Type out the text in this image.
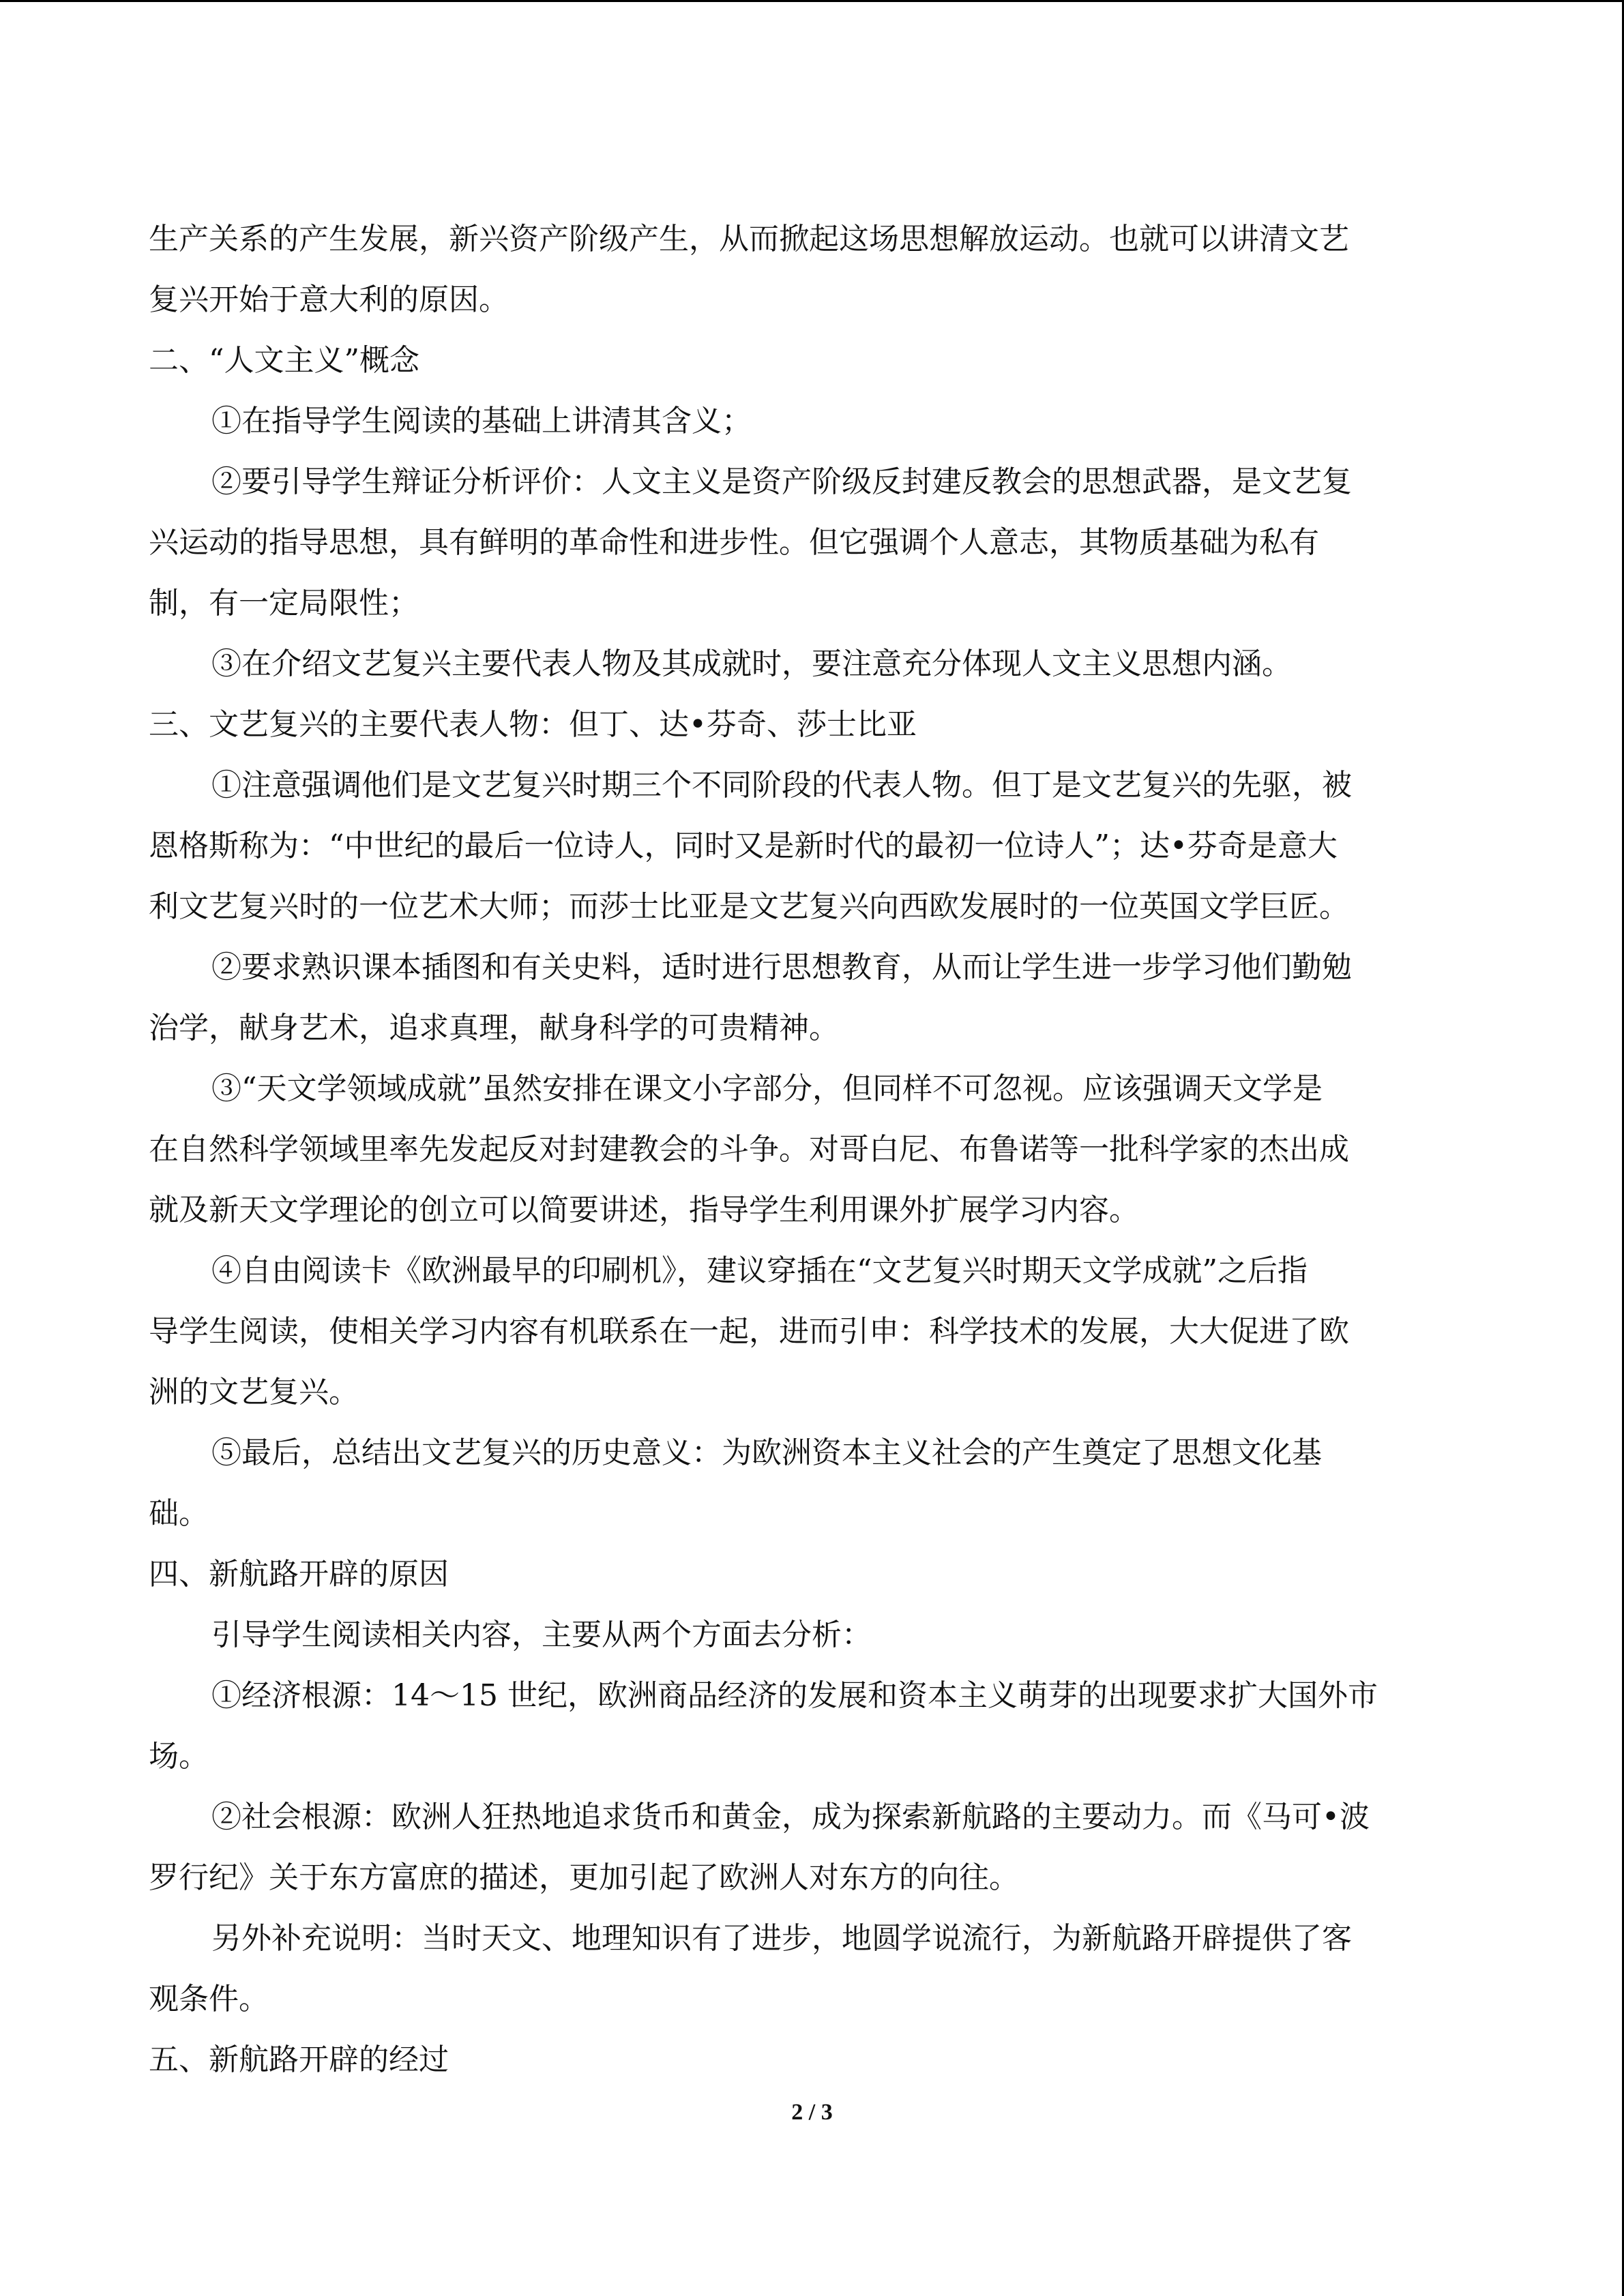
生产关系的产生发展，新兴资产阶级产生，从而掀起这场思想解放运动。也就可以讲清文艺
复兴开始于意大利的原因。
二、“人文主义”概念
①在指导学生阅读的基础上讲清其含义；
②要引导学生辩证分析评价：人文主义是资产阶级反封建反教会的思想武器，是文艺复
兴运动的指导思想，具有鲜明的革命性和进步性。但它强调个人意志，其物质基础为私有
制，有一定局限性；
③在介绍文艺复兴主要代表人物及其成就时，要注意充分体现人文主义思想内涵。
三、文艺复兴的主要代表人物：但丁、达•芬奇、莎士比亚
①注意强调他们是文艺复兴时期三个不同阶段的代表人物。但丁是文艺复兴的先驱，被
恩格斯称为：“中世纪的最后一位诗人，同时又是新时代的最初一位诗人”；达•芬奇是意大
利文艺复兴时的一位艺术大师；而莎士比亚是文艺复兴向西欧发展时的一位英国文学巨匠。
②要求熟识课本插图和有关史料，适时进行思想教育，从而让学生进一步学习他们勤勉
治学，献身艺术，追求真理，献身科学的可贵精神。
③“天文学领域成就”虽然安排在课文小字部分，但同样不可忽视。应该强调天文学是
在自然科学领域里率先发起反对封建教会的斗争。对哥白尼、布鲁诺等一批科学家的杰出成
就及新天文学理论的创立可以简要讲述，指导学生利用课外扩展学习内容。
④自由阅读卡《欧洲最早的印刷机》，建议穿插在“文艺复兴时期天文学成就”之后指
导学生阅读，使相关学习内容有机联系在一起，进而引申：科学技术的发展，大大促进了欧
洲的文艺复兴。
⑤最后，总结出文艺复兴的历史意义：为欧洲资本主义社会的产生奠定了思想文化基
础。
四、新航路开辟的原因
引导学生阅读相关内容，主要从两个方面去分析：
①经济根源：14～15 世纪，欧洲商品经济的发展和资本主义萌芽的出现要求扩大国外市
场。
②社会根源：欧洲人狂热地追求货币和黄金，成为探索新航路的主要动力。而《马可•波
罗行纪》关于东方富庶的描述，更加引起了欧洲人对东方的向往。
另外补充说明：当时天文、地理知识有了进步，地圆学说流行，为新航路开辟提供了客
观条件。
五、新航路开辟的经过
2 / 3
